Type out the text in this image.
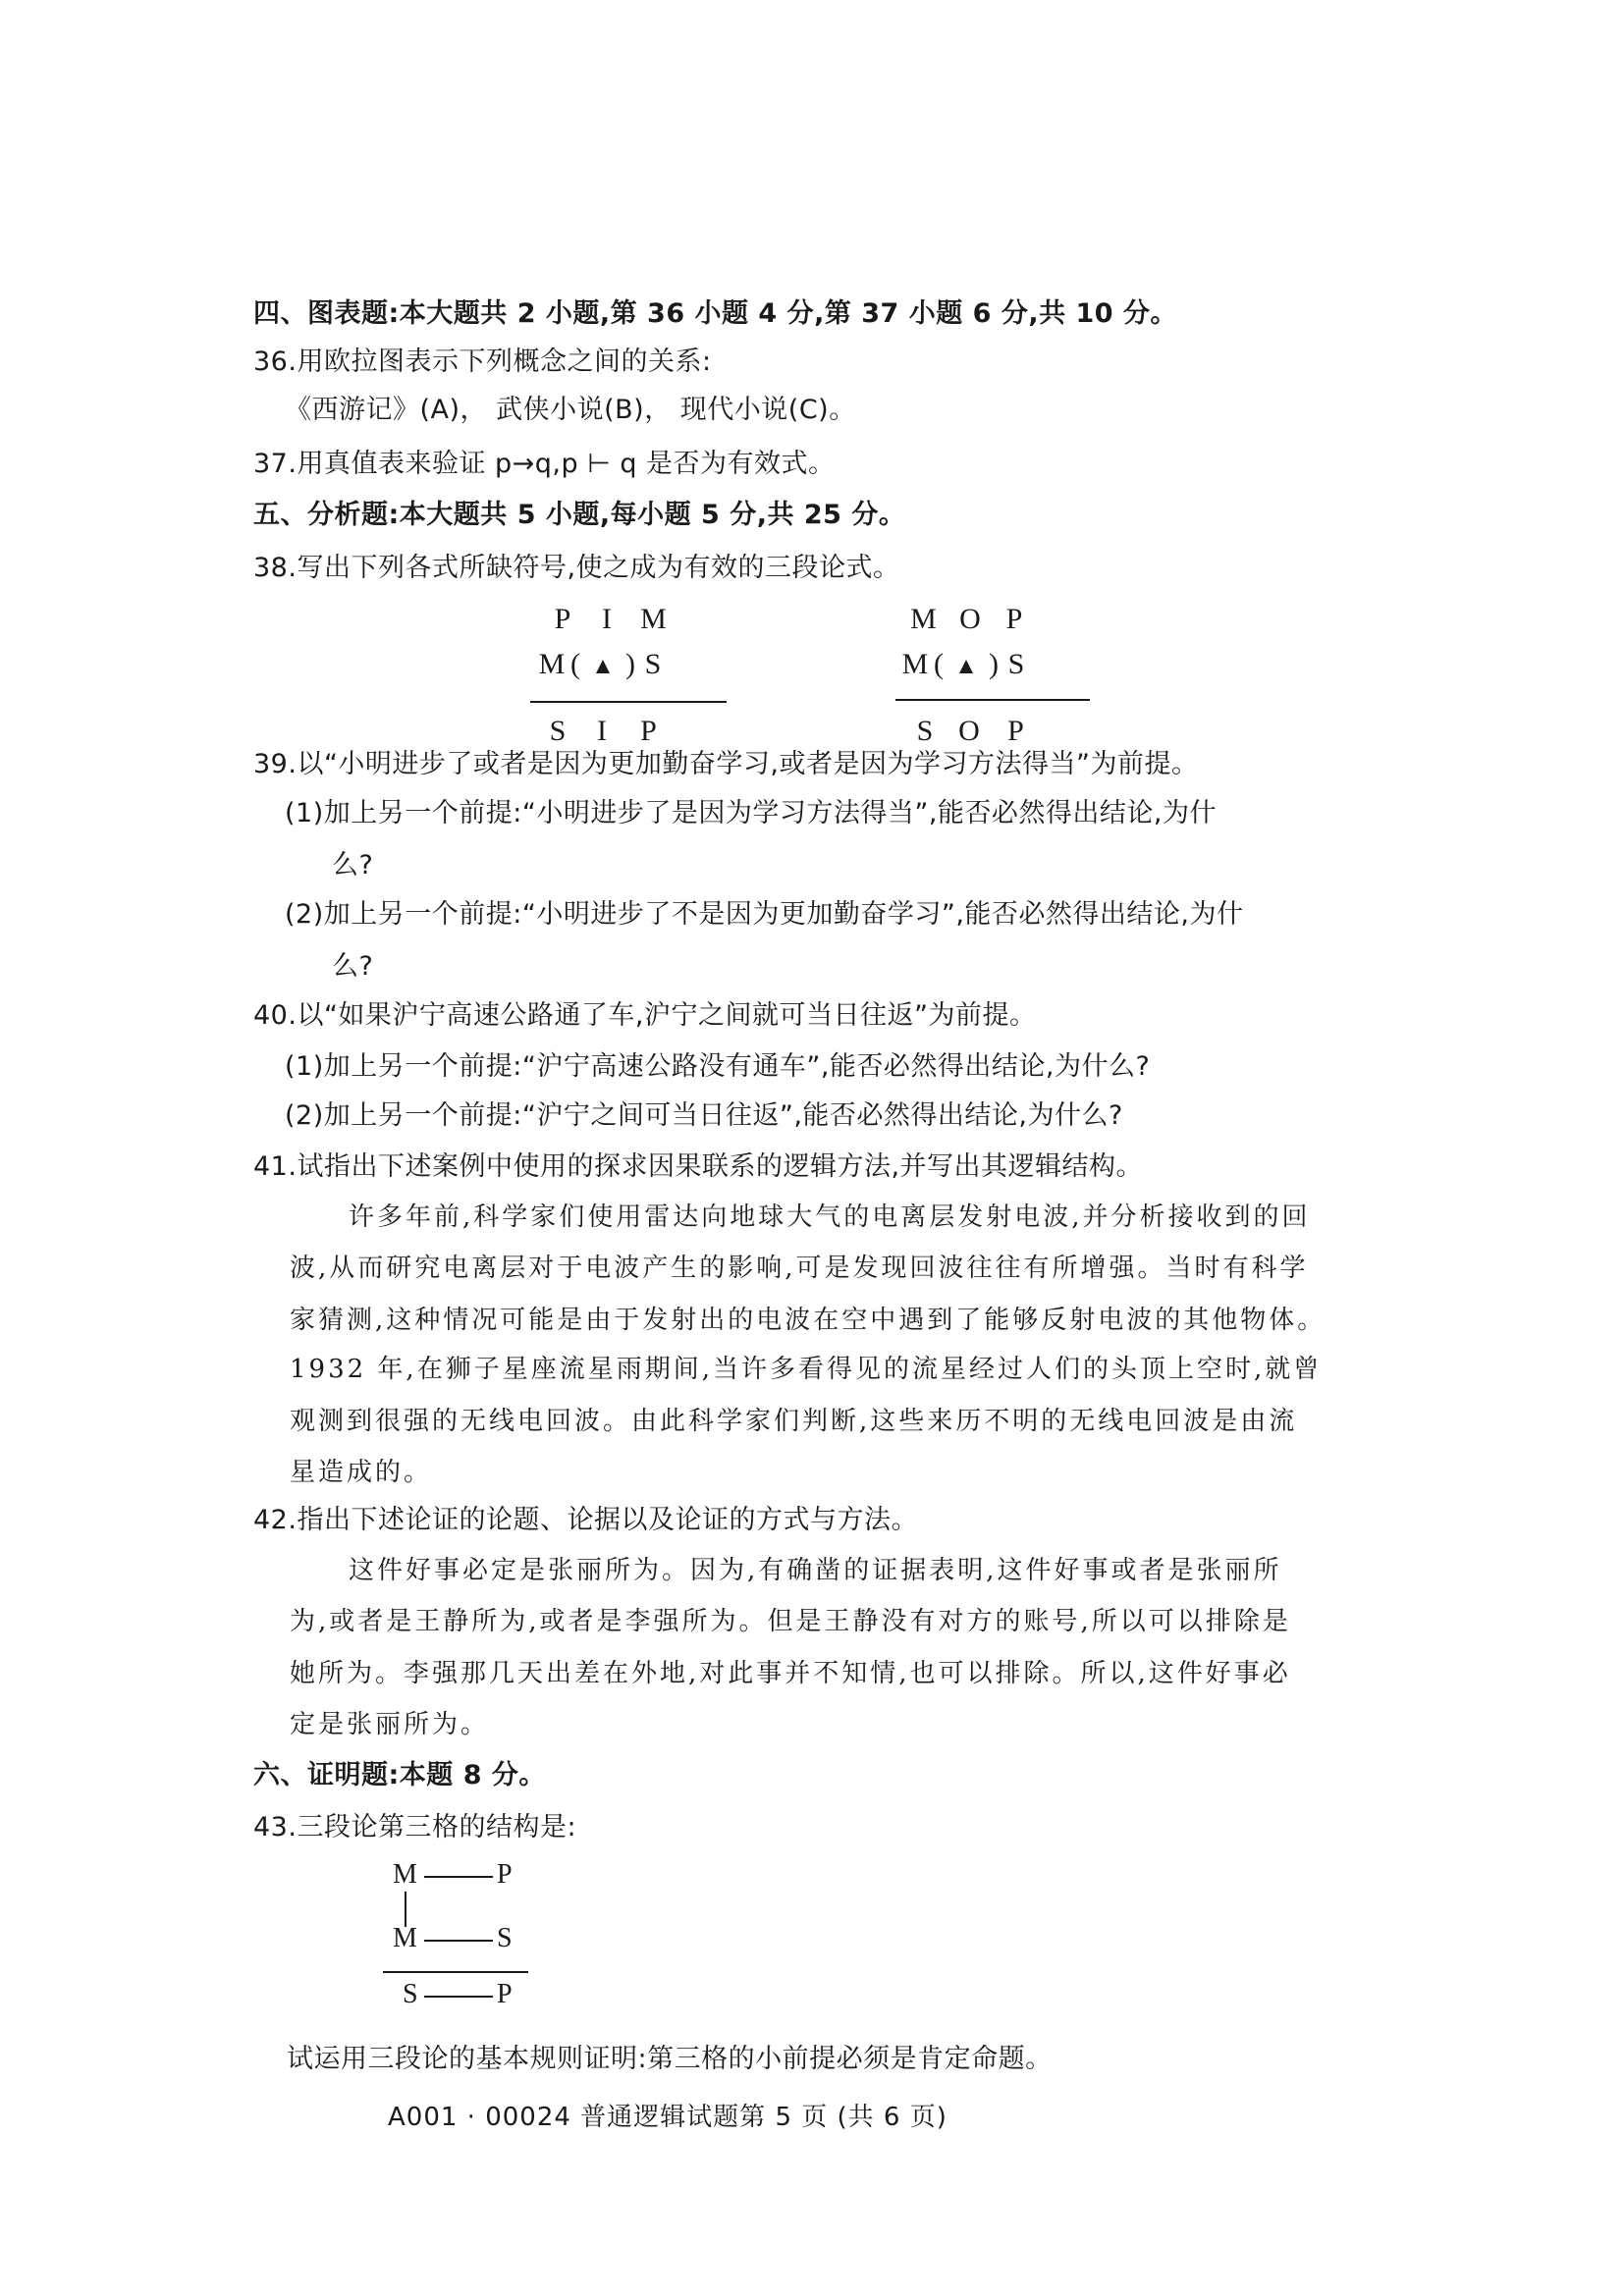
四、图表题:本大题共 2 小题,第 36 小题 4 分,第 37 小题 6 分,共 10 分。
36.用欧拉图表示下列概念之间的关系:
《西游记》(A)， 武侠小说(B)， 现代小说(C)。
37.用真值表来验证 p→q,p ⊢ q 是否为有效式。
五、分析题:本大题共 5 小题,每小题 5 分,共 25 分。
38.写出下列各式所缺符号,使之成为有效的三段论式。
P I M
M ( ▲ ) S
S I P
M O P
M ( ▲ ) S
S O P
39.以“小明进步了或者是因为更加勤奋学习,或者是因为学习方法得当”为前提。
(1)加上另一个前提:“小明进步了是因为学习方法得当”,能否必然得出结论,为什
么?
(2)加上另一个前提:“小明进步了不是因为更加勤奋学习”,能否必然得出结论,为什
么?
40.以“如果沪宁高速公路通了车,沪宁之间就可当日往返”为前提。
(1)加上另一个前提:“沪宁高速公路没有通车”,能否必然得出结论,为什么?
(2)加上另一个前提:“沪宁之间可当日往返”,能否必然得出结论,为什么?
41.试指出下述案例中使用的探求因果联系的逻辑方法,并写出其逻辑结构。
许多年前,科学家们使用雷达向地球大气的电离层发射电波,并分析接收到的回
波,从而研究电离层对于电波产生的影响,可是发现回波往往有所增强。当时有科学
家猜测,这种情况可能是由于发射出的电波在空中遇到了能够反射电波的其他物体。
1932 年,在狮子星座流星雨期间,当许多看得见的流星经过人们的头顶上空时,就曾
观测到很强的无线电回波。由此科学家们判断,这些来历不明的无线电回波是由流
星造成的。
42.指出下述论证的论题、论据以及论证的方式与方法。
这件好事必定是张丽所为。因为,有确凿的证据表明,这件好事或者是张丽所
为,或者是王静所为,或者是李强所为。但是王静没有对方的账号,所以可以排除是
她所为。李强那几天出差在外地,对此事并不知情,也可以排除。所以,这件好事必
定是张丽所为。
六、证明题:本题 8 分。
43.三段论第三格的结构是:
M	P
M	S
S	P
试运用三段论的基本规则证明:第三格的小前提必须是肯定命题。
A001 · 00024 普通逻辑试题第 5 页 (共 6 页)
